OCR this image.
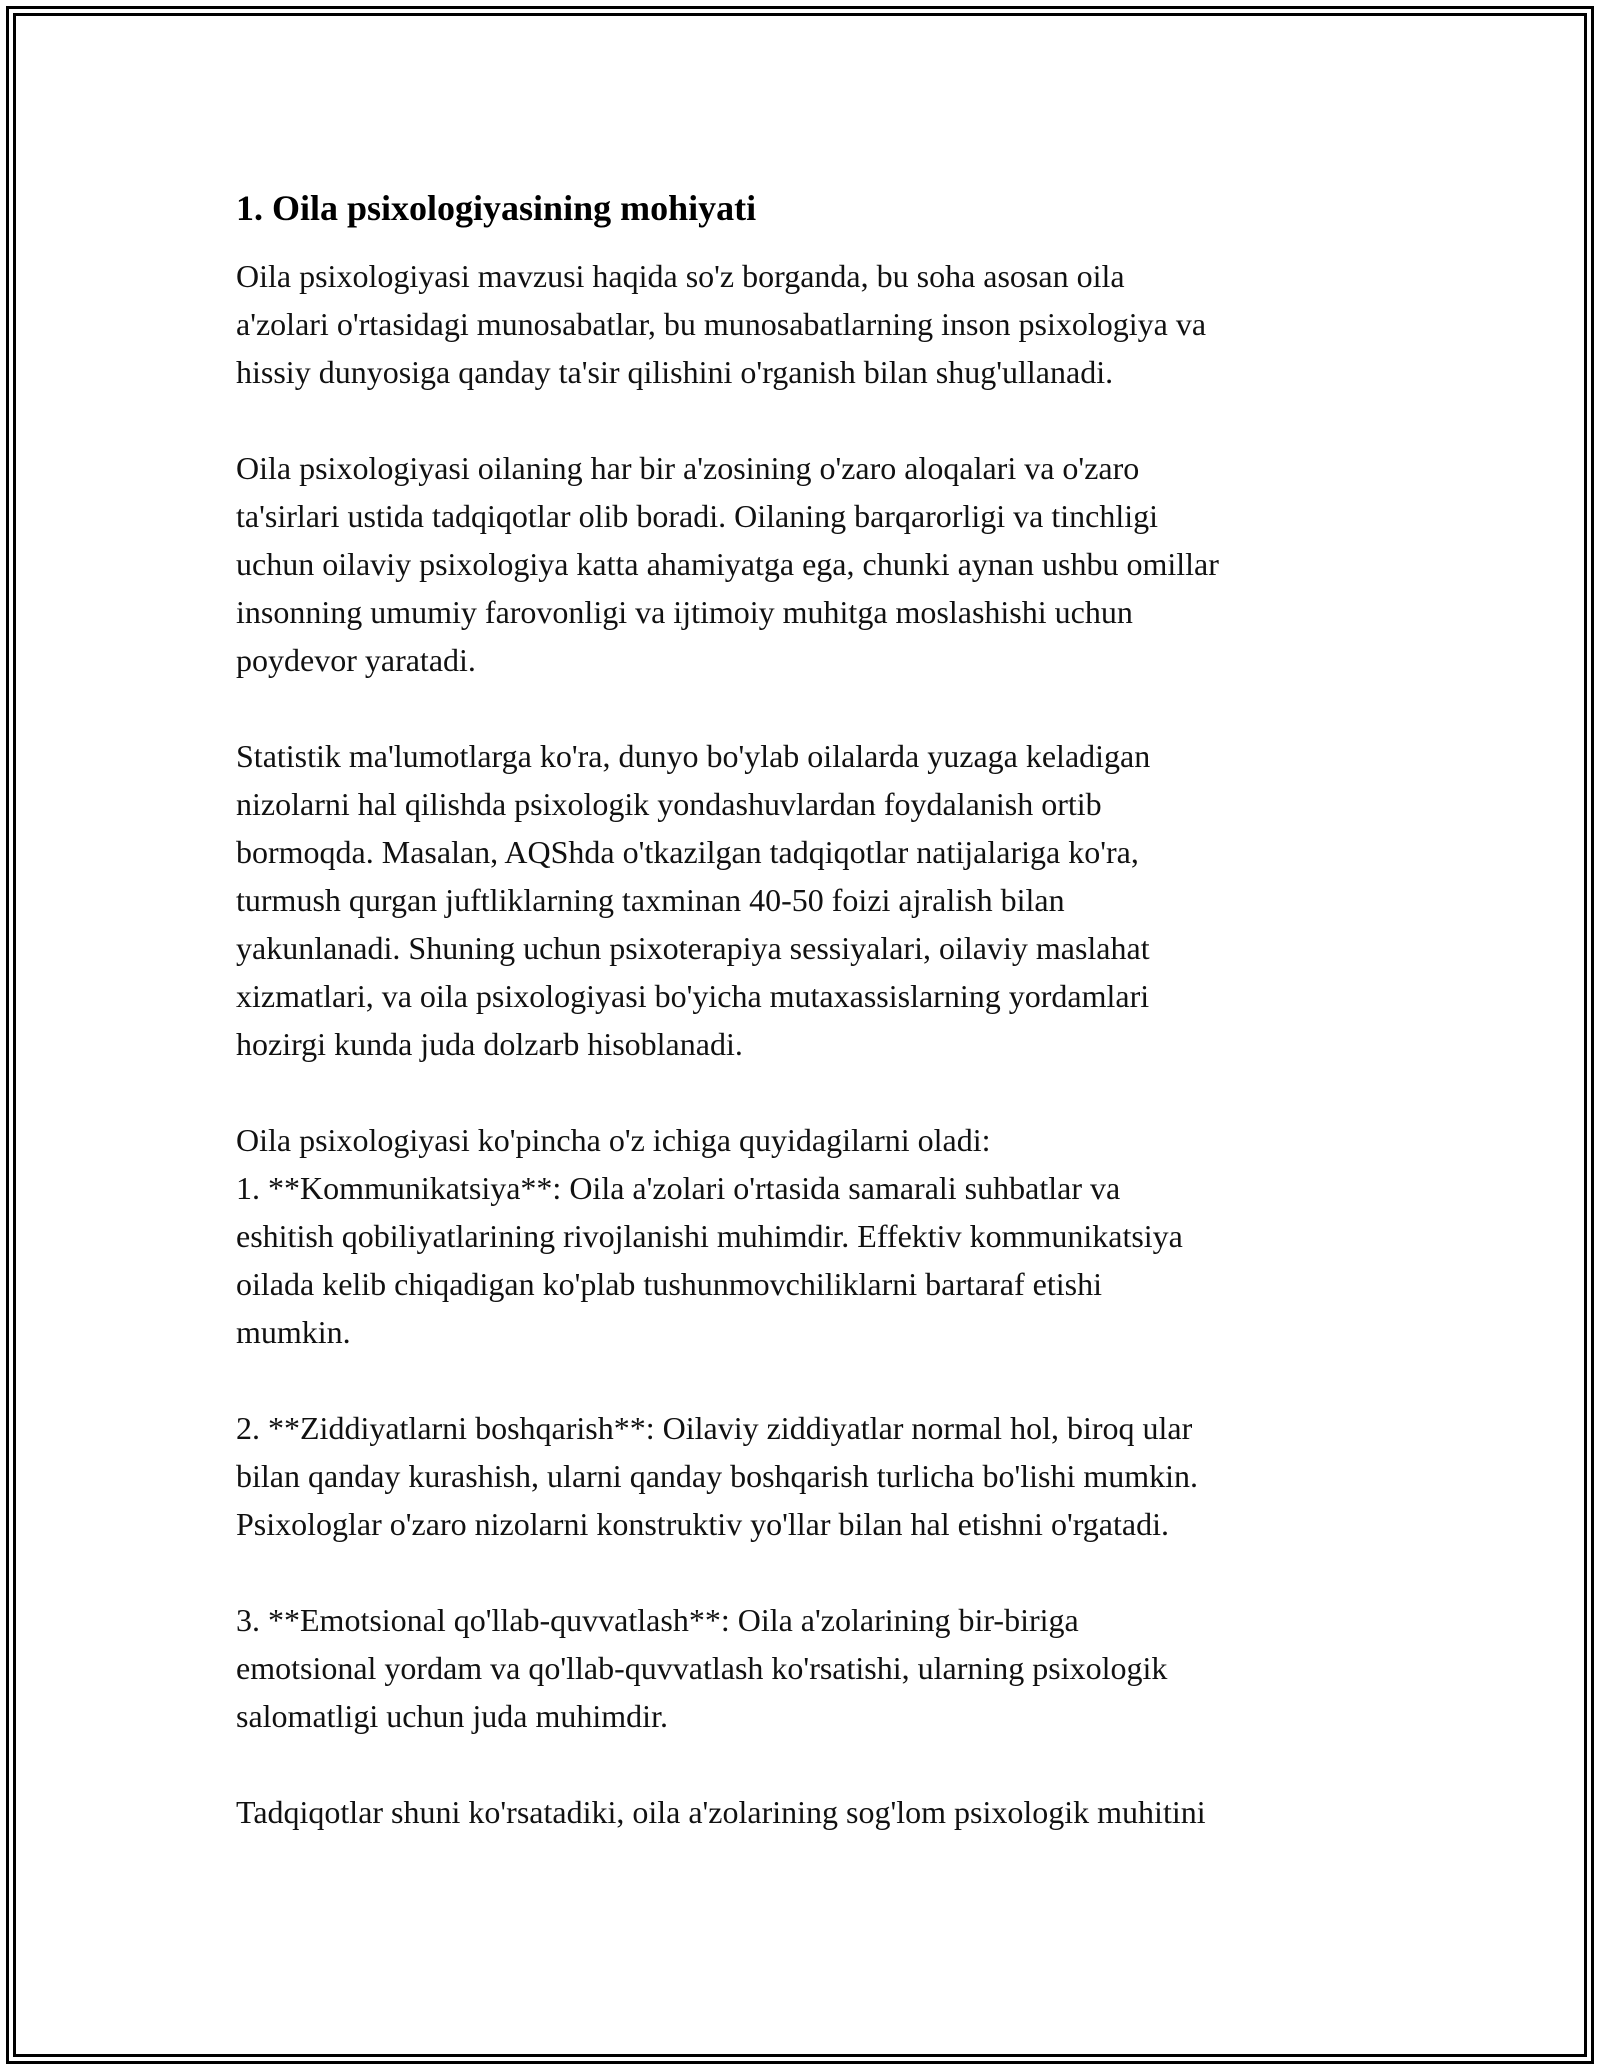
1. Oila psixologiyasining mohiyati
Oila psixologiyasi mavzusi haqida so'z borganda, bu soha asosan oila
a'zolari o'rtasidagi munosabatlar, bu munosabatlarning inson psixologiya va
hissiy dunyosiga qanday ta'sir qilishini o'rganish bilan shug'ullanadi.
Oila psixologiyasi oilaning har bir a'zosining o'zaro aloqalari va o'zaro
ta'sirlari ustida tadqiqotlar olib boradi. Oilaning barqarorligi va tinchligi
uchun oilaviy psixologiya katta ahamiyatga ega, chunki aynan ushbu omillar
insonning umumiy farovonligi va ijtimoiy muhitga moslashishi uchun
poydevor yaratadi.
Statistik ma'lumotlarga ko'ra, dunyo bo'ylab oilalarda yuzaga keladigan
nizolarni hal qilishda psixologik yondashuvlardan foydalanish ortib
bormoqda. Masalan, AQShda o'tkazilgan tadqiqotlar natijalariga ko'ra,
turmush qurgan juftliklarning taxminan 40-50 foizi ajralish bilan
yakunlanadi. Shuning uchun psixoterapiya sessiyalari, oilaviy maslahat
xizmatlari, va oila psixologiyasi bo'yicha mutaxassislarning yordamlari
hozirgi kunda juda dolzarb hisoblanadi.
Oila psixologiyasi ko'pincha o'z ichiga quyidagilarni oladi:
1. **Kommunikatsiya**: Oila a'zolari o'rtasida samarali suhbatlar va
eshitish qobiliyatlarining rivojlanishi muhimdir. Effektiv kommunikatsiya
oilada kelib chiqadigan ko'plab tushunmovchiliklarni bartaraf etishi
mumkin.
2. **Ziddiyatlarni boshqarish**: Oilaviy ziddiyatlar normal hol, biroq ular
bilan qanday kurashish, ularni qanday boshqarish turlicha bo'lishi mumkin.
Psixologlar o'zaro nizolarni konstruktiv yo'llar bilan hal etishni o'rgatadi.
3. **Emotsional qo'llab-quvvatlash**: Oila a'zolarining bir-biriga
emotsional yordam va qo'llab-quvvatlash ko'rsatishi, ularning psixologik
salomatligi uchun juda muhimdir.
Tadqiqotlar shuni ko'rsatadiki, oila a'zolarining sog'lom psixologik muhitini
